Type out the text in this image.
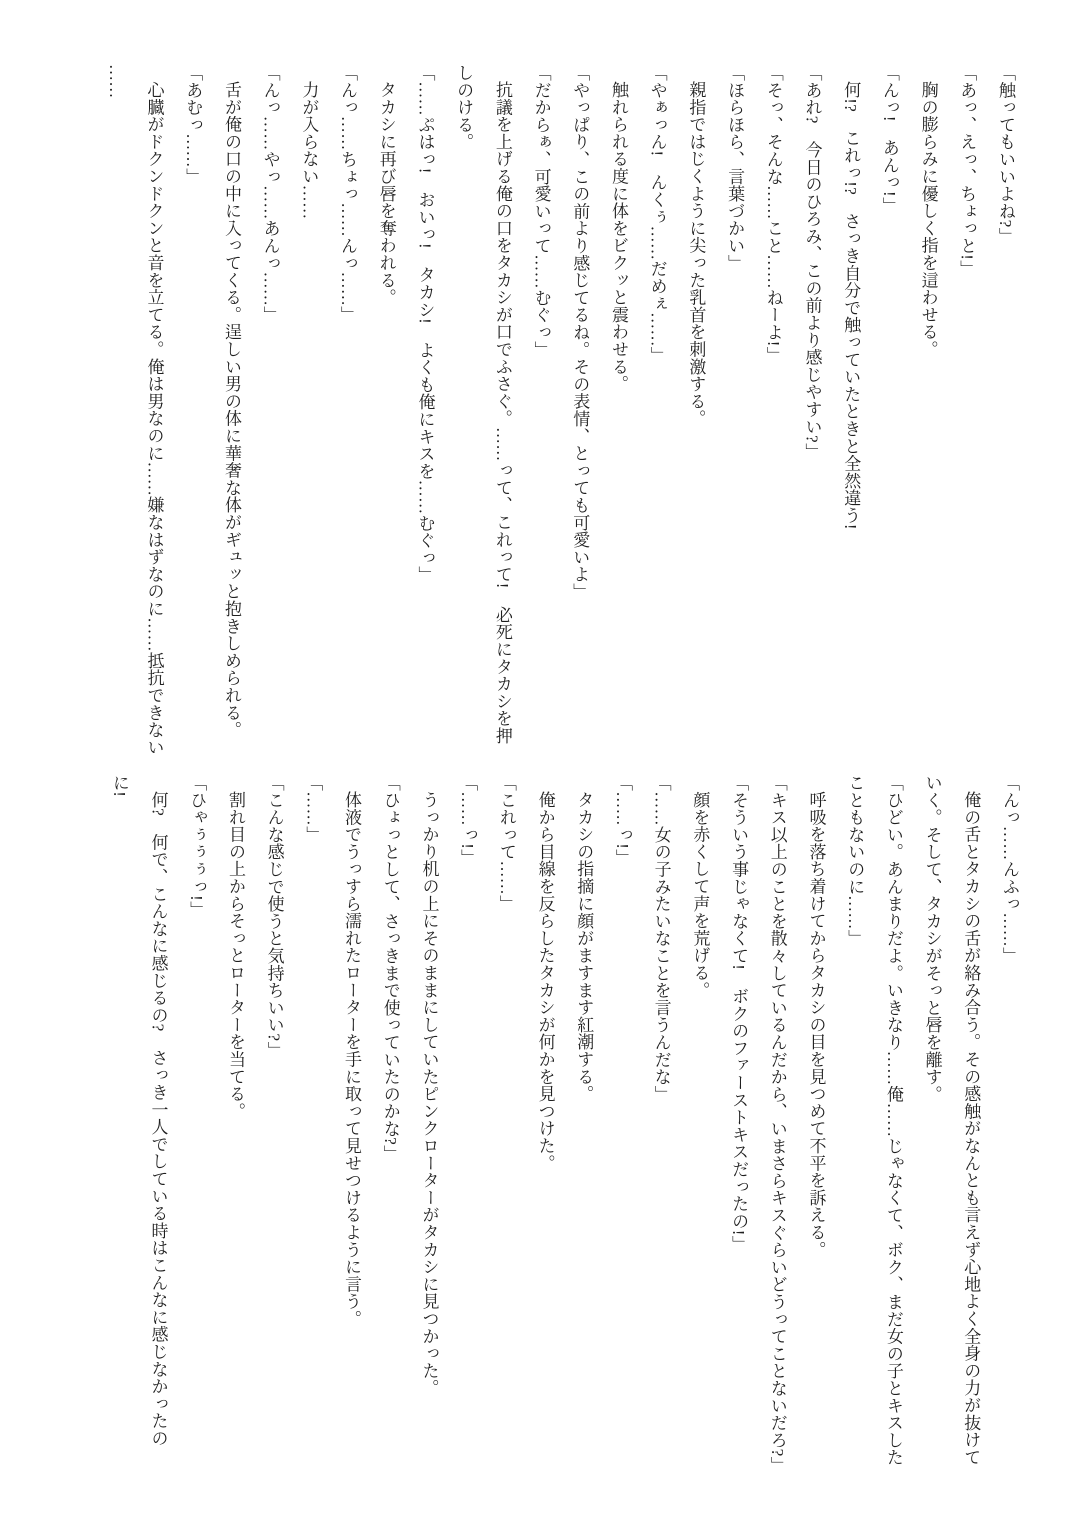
「触ってもいいよね?」

「あっ、えっ、ちょっと!」

胸の膨らみに優しく指を這わせる。

「んっ!　あんっ!」

何!?　これっ!?　さっき自分で触っていたときと全然違う!

「あれ?　今日のひろみ、この前より感じやすい?」

「そっ、そんな……こと……ねーよ!」

「ほらほら、言葉づかい」

親指ではじくように尖った乳首を刺激する。

「やぁっん!　んくぅ……だめぇ……」

触れられる度に体をビクッと震わせる。

「やっぱり、この前より感じてるね。その表情、とっても可愛いよ」

「だからぁ、可愛いって……むぐっ」

抗議を上げる俺の口をタカシが口でふさぐ。……って、これって!　必死にタカシを押

しのける。

「……ぷはっ!　おいっ!　タカシ!　よくも俺にキスを……むぐっ」

タカシに再び唇を奪われる。

「んっ……ちょっ……んっ……」

力が入らない……

「んっ……やっ……あんっ……」

舌が俺の口の中に入ってくる。逞しい男の体に華奢な体がギュッと抱きしめられる。

「あむっ……」

心臓がドクンドクンと音を立てる。俺は男なのに……嫌なはずなのに……抵抗できない

……

「んっ……んふっ……」

俺の舌とタカシの舌が絡み合う。その感触がなんとも言えず心地よく全身の力が抜けて

いく。そして、タカシがそっと唇を離す。

「ひどい。あんまりだよ。いきなり……俺……じゃなくて、ボク、まだ女の子とキスした

こともないのに……」

呼吸を落ち着けてからタカシの目を見つめて不平を訴える。

「キス以上のことを散々しているんだから、いまさらキスぐらいどうってことないだろ?」

「そういう事じゃなくて!　ボクのファーストキスだったの!」

顔を赤くして声を荒げる。

「……女の子みたいなことを言うんだな」

「……っ!」

タカシの指摘に顔がますます紅潮する。

俺から目線を反らしたタカシが何かを見つけた。

「これって……」

「……っ!」

うっかり机の上にそのままにしていたピンクローターがタカシに見つかった。

「ひょっとして、さっきまで使っていたのかな?」

体液でうっすら濡れたローターを手に取って見せつけるように言う。

「……」

「こんな感じで使うと気持ちいい?」

割れ目の上からそっとローターを当てる。

「ひゃぅぅぅっ!」

何?　何で、こんなに感じるの?　さっき一人でしている時はこんなに感じなかったの

に!
